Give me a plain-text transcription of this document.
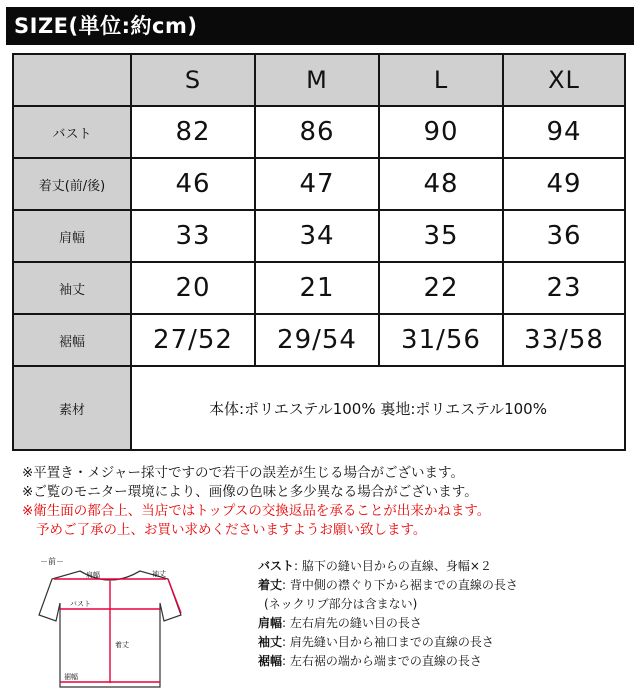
SIZE(単位:約cm)
	S	M	L	XL
バスト	82	86	90	94
着丈(前/後)	46	47	48	49
肩幅	33	34	35	36
袖丈	20	21	22	23
裾幅	27/52	29/54	31/56	33/58
素材	本体:ポリエステル100% 裏地:ポリエステル100%			
※平置き・メジャー採寸ですので若干の誤差が生じる場合がございます。
※ご覧のモニター環境により、画像の色味と多少異なる場合がございます。
※衛生面の都合上、当店ではトップスの交換返品を承ることが出来かねます。
予めご了承の上、お買い求めくださいますようお願い致します。
－前－
肩幅	袖丈
バスト
着丈
裾幅
バスト : 脇下の縫い目からの直線、身幅×２
着丈 : 背中側の襟ぐり下から裾までの直線の長さ
(ネックリブ部分は含まない)
肩幅 : 左右肩先の縫い目の長さ
袖丈 : 肩先縫い目から袖口までの直線の長さ
裾幅 : 左右裾の端から端までの直線の長さ
